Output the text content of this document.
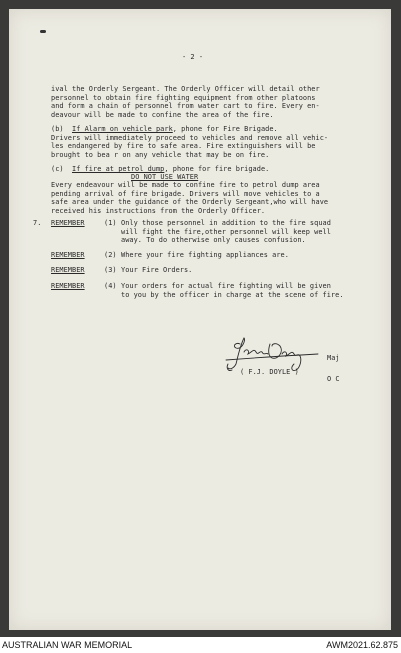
- 2 -
ival the Orderly Sergeant. The Orderly Officer will detail other
personnel to obtain fire fighting equipment from other platoons
and form a chain of personnel from water cart to fire. Every en-
deavour will be made to confine the area of the fire.
(b) If Alarm on vehicle park, phone for Fire Brigade.
Drivers will immediately proceed to vehicles and remove all vehic-
les endangered by fire to safe area. Fire extinguishers will be
brought to bea r on any vehicle that may be on fire.
(c) If fire at petrol dump, phone for fire brigade.
DO NOT USE WATER
Every endeavour will be made to confine fire to petrol dump area
pending arrival of fire brigade. Drivers will move vehicles to a
safe area under the guidance of the Orderly Sergeant,who will have
received his instructions from the Orderly Officer.
7. REMEMBER	(1) Only those personnel in addition to the fire squad
will fight the fire,other personnel will keep well
away. To do otherwise only causes confusion.
REMEMBER	(2) Where your fire fighting appliances are.
REMEMBER	(3) Your Fire Orders.
REMEMBER	(4) Your orders for actual fire fighting will be given
to you by the officer in charge at the scene of fire.
Maj
( F.J. DOYLE )
O C
AUSTRALIAN WAR MEMORIAL	AWM2021.62.875
